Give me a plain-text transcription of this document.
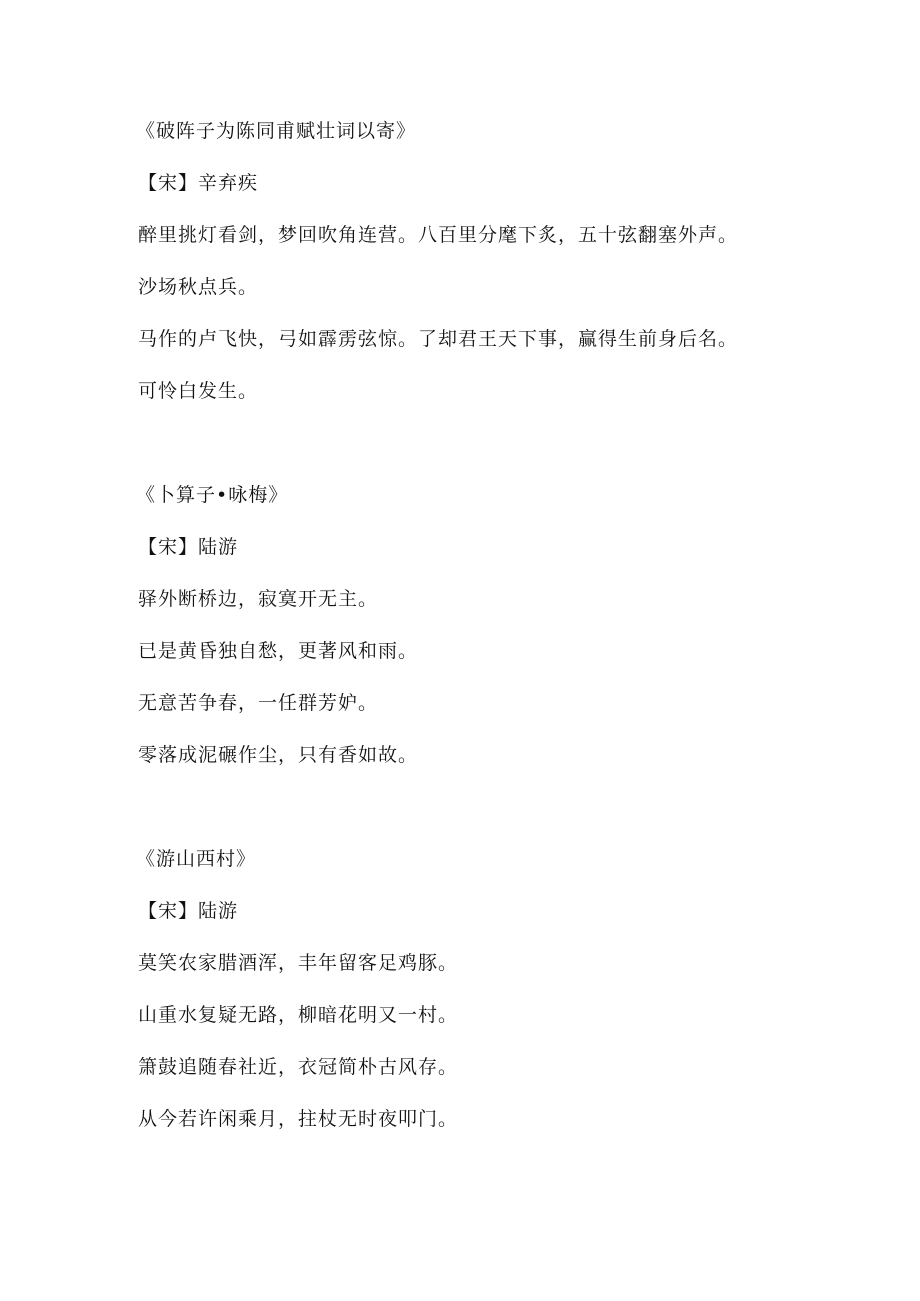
《破阵子为陈同甫赋壮词以寄》

【宋】辛弃疾

醉里挑灯看剑，梦回吹角连营。八百里分麾下炙，五十弦翻塞外声。

沙场秋点兵。

马作的卢飞快，弓如霹雳弦惊。了却君王天下事，赢得生前身后名。

可怜白发生。

《卜算子•咏梅》

【宋】陆游

驿外断桥边，寂寞开无主。

已是黄昏独自愁，更著风和雨。

无意苦争春，一任群芳妒。

零落成泥碾作尘，只有香如故。

《游山西村》

【宋】陆游

莫笑农家腊酒浑，丰年留客足鸡豚。

山重水复疑无路，柳暗花明又一村。

箫鼓追随春社近，衣冠简朴古风存。

从今若许闲乘月，拄杖无时夜叩门。
